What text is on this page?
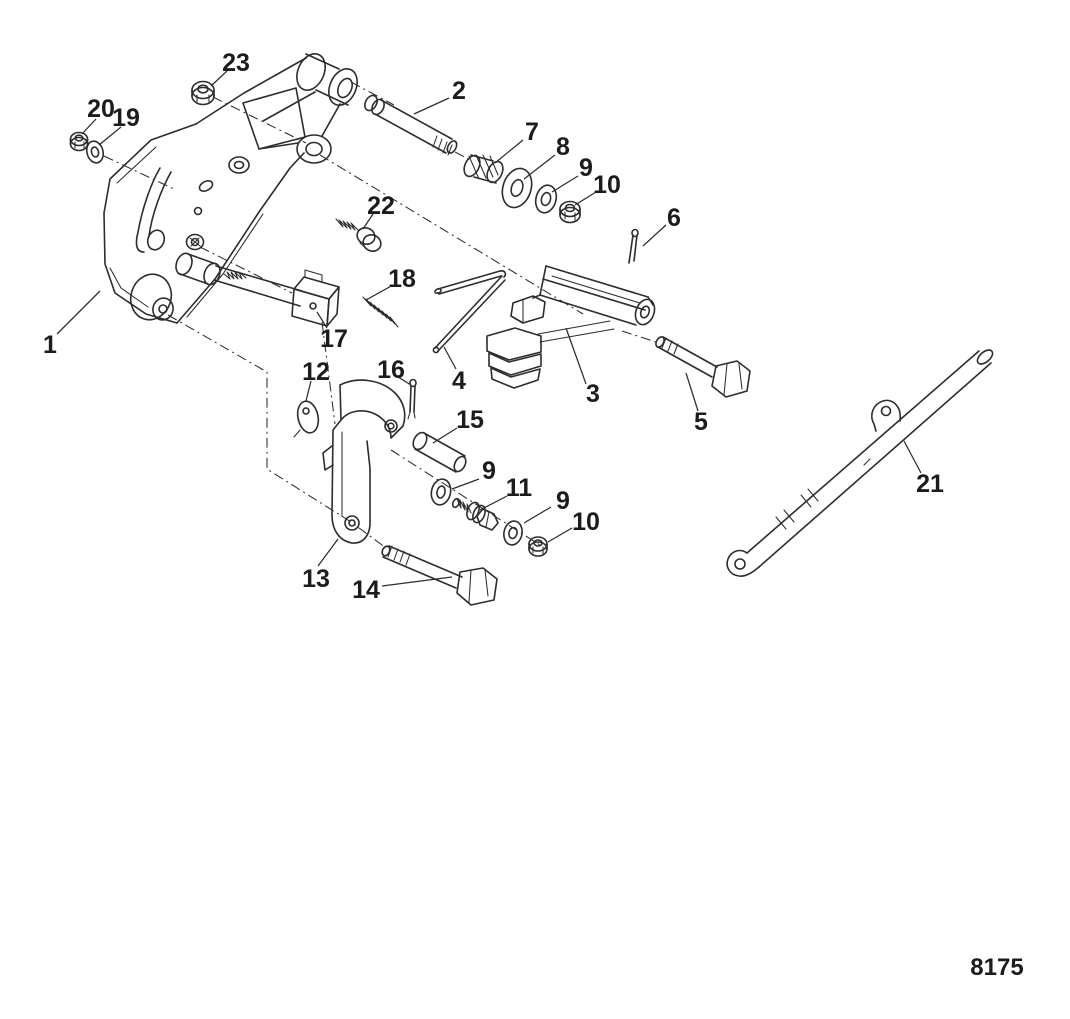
1
2
3
4
5
6
7
8
9
9
9
10
10
11
12
13 14
15
16
17
18
19
20
21
22
23
8175
